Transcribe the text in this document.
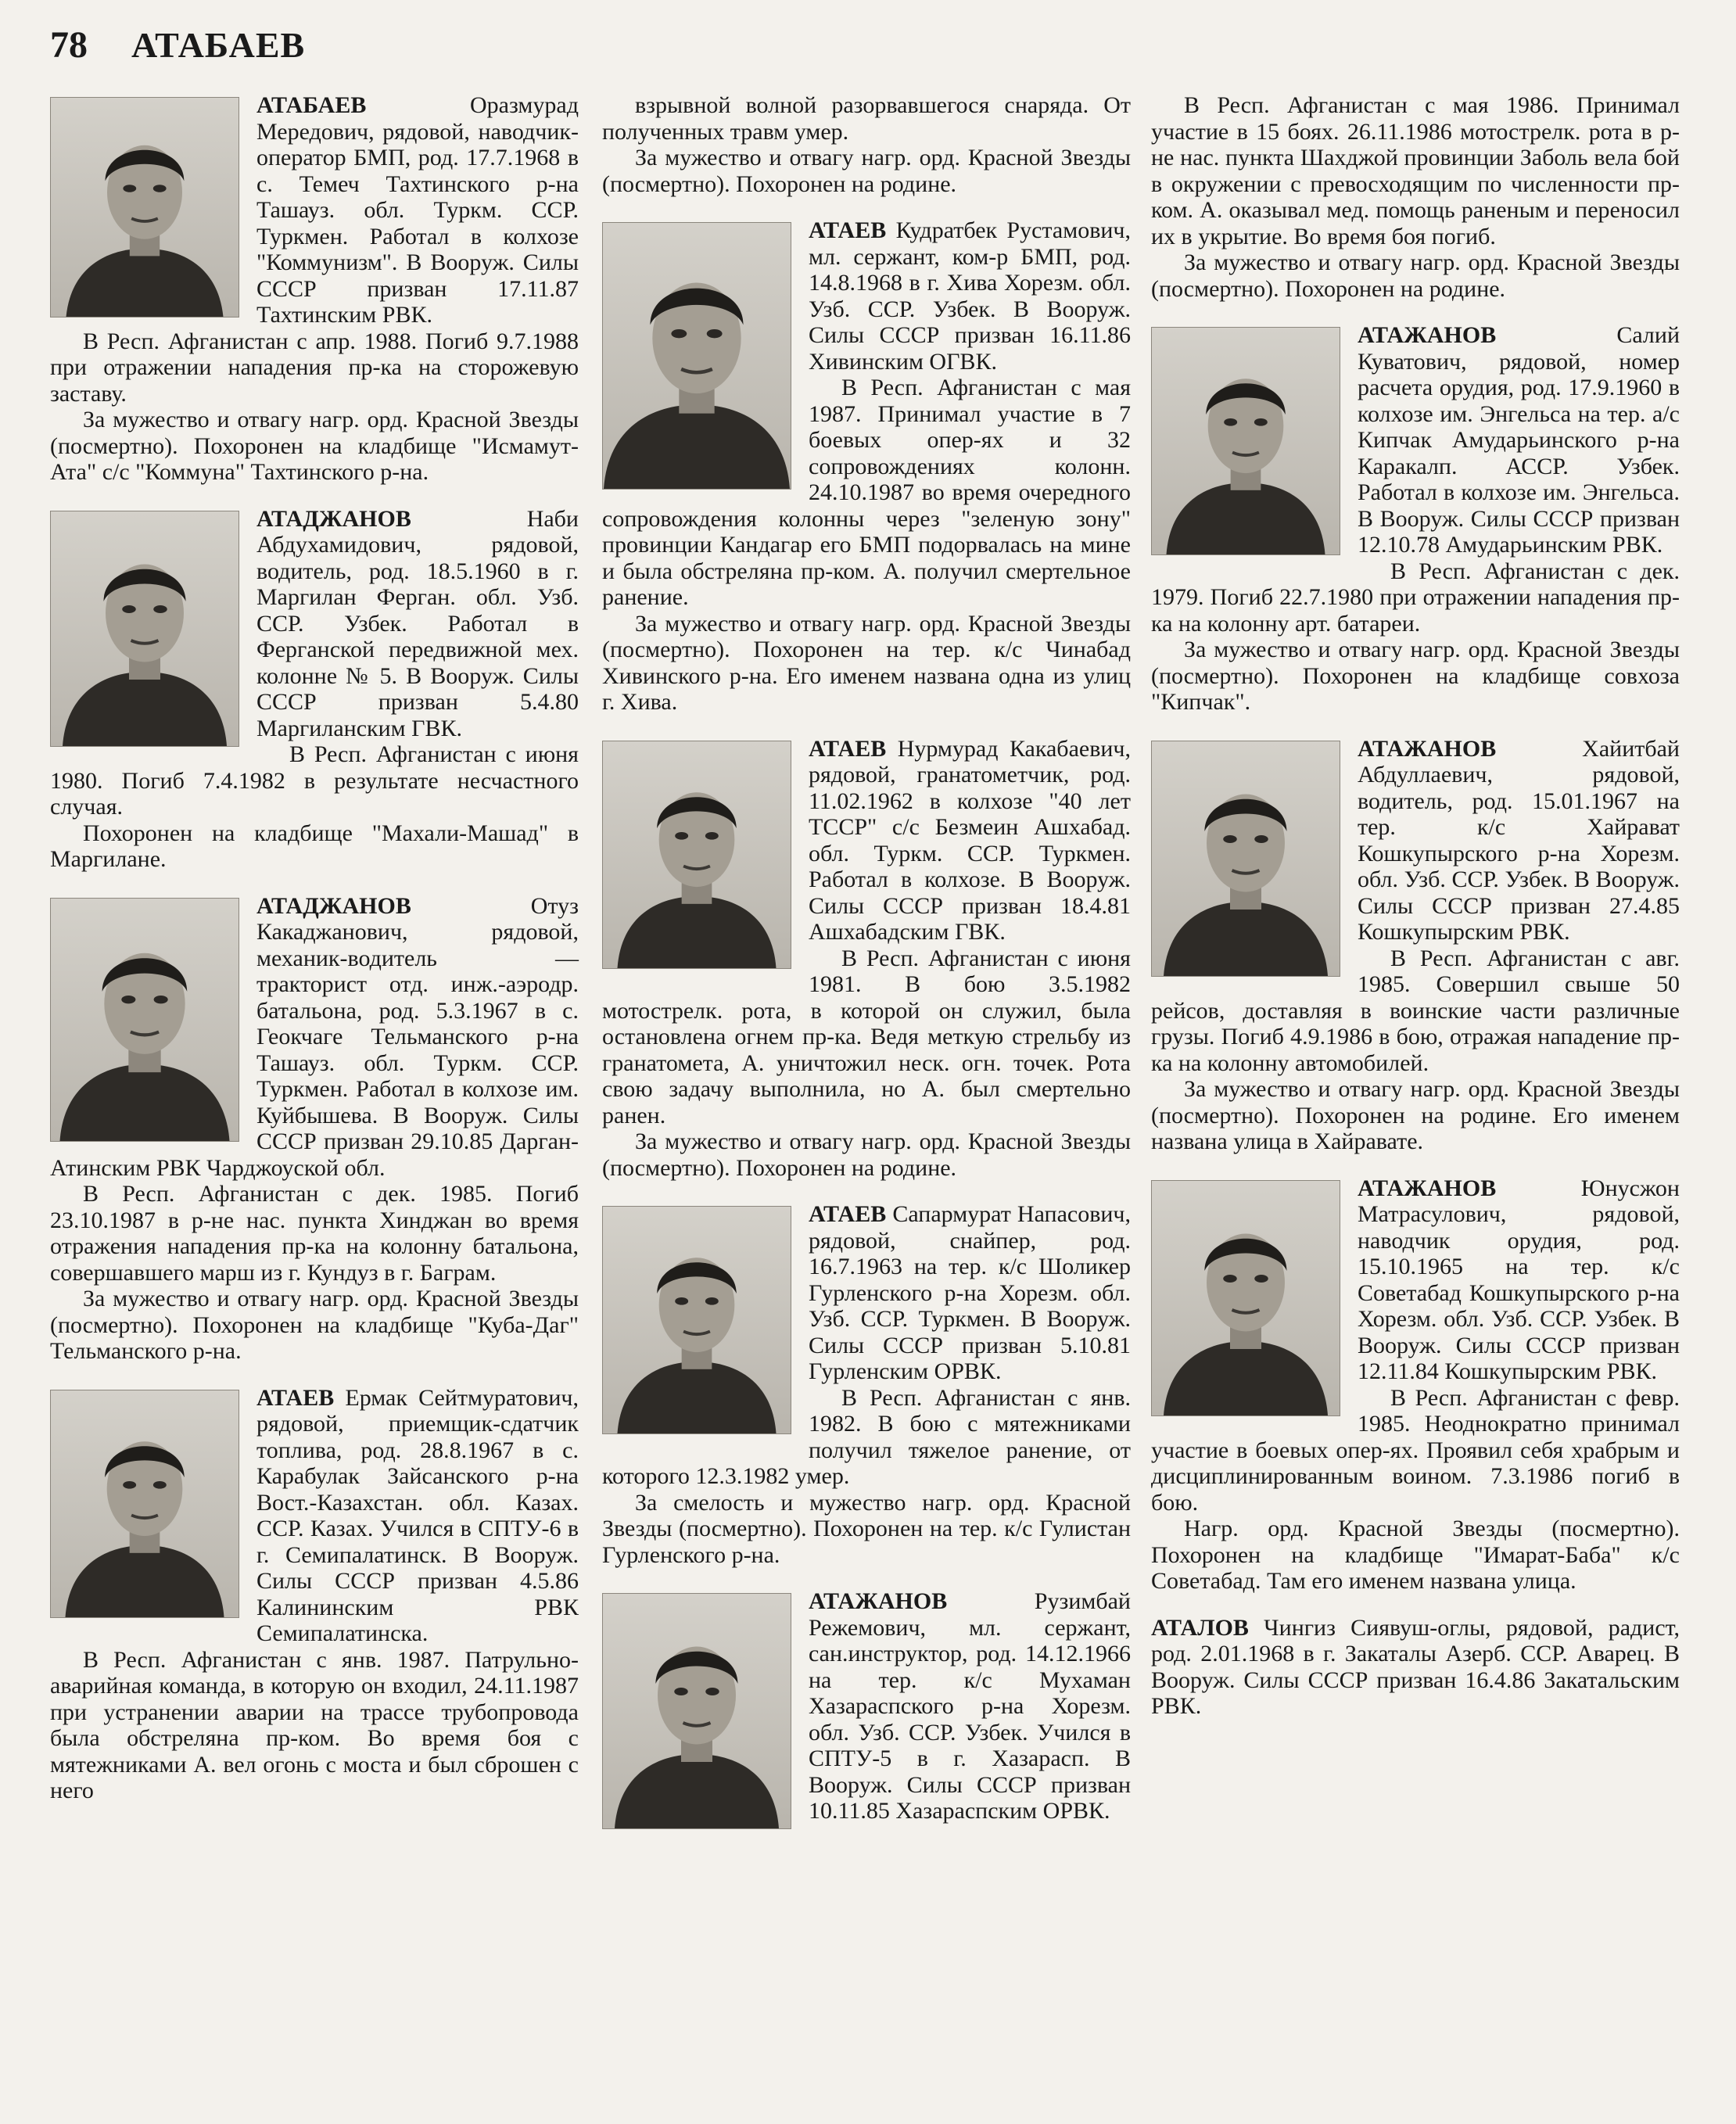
78 АТАБАЕВ

АТАБАЕВ	Оразмурад Мередович, рядовой, наводчик-оператор БМП, род. 17.7.1968 в с. Темеч Тахтинского р-на Ташауз. обл. Туркм. ССР. Туркмен. Работал в колхозе "Коммунизм". В Вооруж. Силы СССР призван 17.11.87 Тахтинским РВК.

В Респ. Афганистан с апр. 1988. Погиб 9.7.1988 при отражении нападения пр-ка на сторожевую заставу.

За мужество и отвагу нагр. орд. Красной Звезды (посмертно). Похоронен на кладбище "Исмамут-Ата" с/с "Коммуна" Тахтинского р-на.

АТАДЖАНОВ	Наби Абдухамидович, рядовой, водитель, род. 18.5.1960 в г. Маргилан Ферган. обл. Узб. ССР. Узбек. Работал в Ферганской передвижной мех. колонне № 5. В Вооруж. Силы СССР призван 5.4.80 Маргиланским ГВК.

В Респ. Афганистан с июня 1980. Погиб 7.4.1982 в результате несчастного случая.

Похоронен на кладбище "Махали-Машад" в Маргилане.

АТАДЖАНОВ	Отуз Какаджанович, рядовой, механик-водитель — тракторист отд. инж.-аэродр. батальона, род. 5.3.1967 в с. Геокчаге Тельманского р-на Ташауз. обл. Туркм. ССР. Туркмен. Работал в колхозе им. Куйбышева. В Вооруж. Силы СССР призван 29.10.85 Дарган-Атинским РВК Чарджоуской обл.

В Респ. Афганистан с дек. 1985. Погиб 23.10.1987 в р-не нас. пункта Хинджан во время отражения нападения пр-ка на колонну батальона, совершавшего марш из г. Кундуз в г. Баграм.

За мужество и отвагу нагр. орд. Красной Звезды (посмертно). Похоронен на кладбище "Куба-Даг" Тельманского р-на.

АТАЕВ Ермак Сейтмуратович, рядовой, приемщик-сдатчик топлива, род. 28.8.1967 в с. Карабулак Зайсанского р-на Вост.-Казахстан. обл. Казах. ССР. Казах. Учился в СПТУ-6 в г. Семипалатинск. В Вооруж. Силы СССР призван 4.5.86 Калининским РВК Семипалатинска.

В Респ. Афганистан с янв. 1987. Патрульно-аварийная команда, в которую он входил, 24.11.1987 при устранении аварии на трассе трубопровода была обстреляна пр-ком. Во время боя с мятежниками А. вел огонь с моста и был сброшен с него

взрывной волной разорвавшегося снаряда. От полученных травм умер.

За мужество и отвагу нагр. орд. Красной Звезды (посмертно). Похоронен на родине.

АТАЕВ Кудратбек Рустамович, мл. сержант, ком-р БМП, род. 14.8.1968 в г. Хива Хорезм. обл. Узб. ССР. Узбек. В Вооруж. Силы СССР призван 16.11.86 Хивинским ОГВК.

В Респ. Афганистан с мая 1987. Принимал участие в 7 боевых опер-ях и 32 сопровождениях колонн. 24.10.1987 во время очередного сопровождения колонны через "зеленую зону" провинции Кандагар его БМП подорвалась на мине и была обстреляна пр-ком. А. получил смертельное ранение.

За мужество и отвагу нагр. орд. Красной Звезды (посмертно). Похоронен на тер. к/с Чинабад Хивинского р-на. Его именем названа одна из улиц г. Хива.

АТАЕВ Нурмурад Какабаевич, рядовой, гранатометчик, род. 11.02.1962 в колхозе "40 лет ТССР" с/с Безмеин Ашхабад. обл. Туркм. ССР. Туркмен. Работал в колхозе. В Вооруж. Силы СССР призван 18.4.81 Ашхабадским ГВК.

В Респ. Афганистан с июня 1981. В бою 3.5.1982 мотострелк. рота, в которой он служил, была остановлена огнем пр-ка. Ведя меткую стрельбу из гранатомета, А. уничтожил неск. огн. точек. Рота свою задачу выполнила, но А. был смертельно ранен.

За мужество и отвагу нагр. орд. Красной Звезды (посмертно). Похоронен на родине.

АТАЕВ Сапармурат Напасович, рядовой, снайпер, род. 16.7.1963 на тер. к/с Шоликер Гурленского р-на Хорезм. обл. Узб. ССР. Туркмен. В Вооруж. Силы СССР призван 5.10.81 Гурленским ОРВК.

В Респ. Афганистан с янв. 1982. В бою с мятежниками получил тяжелое ранение, от которого 12.3.1982 умер.

За смелость и мужество нагр. орд. Красной Звезды (посмертно). Похоронен на тер. к/с Гулистан Гурленского р-на.

АТАЖАНОВ	Рузимбай Режемович, мл. сержант, сан.инструктор, род. 14.12.1966 на тер. к/с Мухаман Хазараспского р-на Хорезм. обл. Узб. ССР. Узбек. Учился в СПТУ-5 в г. Хазарасп. В Вооруж. Силы СССР призван 10.11.85 Хазараспским ОРВК.

В Респ. Афганистан с мая 1986. Принимал участие в 15 боях. 26.11.1986 мотострелк. рота в р-не нас. пункта Шахджой провинции Заболь вела бой в окружении с превосходящим по численности пр-ком. А. оказывал мед. помощь раненым и переносил их в укрытие. Во время боя погиб.

За мужество и отвагу нагр. орд. Красной Звезды (посмертно). Похоронен на родине.

АТАЖАНОВ	Салий Куватович, рядовой, номер расчета орудия, род. 17.9.1960 в колхозе им. Энгельса на тер. а/с Кипчак Амударьинского р-на Каракалп. АССР. Узбек. Работал в колхозе им. Энгельса. В Вооруж. Силы СССР призван 12.10.78 Амударьинским РВК.

В Респ. Афганистан с дек. 1979. Погиб 22.7.1980 при отражении нападения пр-ка на колонну арт. батареи.

За мужество и отвагу нагр. орд. Красной Звезды (посмертно). Похоронен на кладбище совхоза "Кипчак".

АТАЖАНОВ	Хайитбай Абдуллаевич, рядовой, водитель, род. 15.01.1967 на тер. к/с Хайрават Кошкупырского р-на Хорезм. обл. Узб. ССР. Узбек. В Вооруж. Силы СССР призван 27.4.85 Кошкупырским РВК.

В Респ. Афганистан с авг. 1985. Совершил свыше 50 рейсов, доставляя в воинские части различные грузы. Погиб 4.9.1986 в бою, отражая нападение пр-ка на колонну автомобилей.

За мужество и отвагу нагр. орд. Красной Звезды (посмертно). Похоронен на родине. Его именем названа улица в Хайравате.

АТАЖАНОВ	Юнусжон Матрасулович, рядовой, наводчик орудия, род. 15.10.1965 на тер. к/с Советабад Кошкупырского р-на Хорезм. обл. Узб. ССР. Узбек. В Вооруж. Силы СССР призван 12.11.84 Кошкупырским РВК.

В Респ. Афганистан с февр. 1985. Неоднократно принимал участие в боевых опер-ях. Проявил себя храбрым и дисциплинированным воином. 7.3.1986 погиб в бою.

Нагр. орд. Красной Звезды (посмертно). Похоронен на кладбище "Имарат-Баба" к/с Советабад. Там его именем названа улица.

АТАЛОВ Чингиз Сиявуш-оглы, рядовой, радист, род. 2.01.1968 в г. Закаталы Азерб. ССР. Аварец. В Вооруж. Силы СССР призван 16.4.86 Закатальским РВК.
